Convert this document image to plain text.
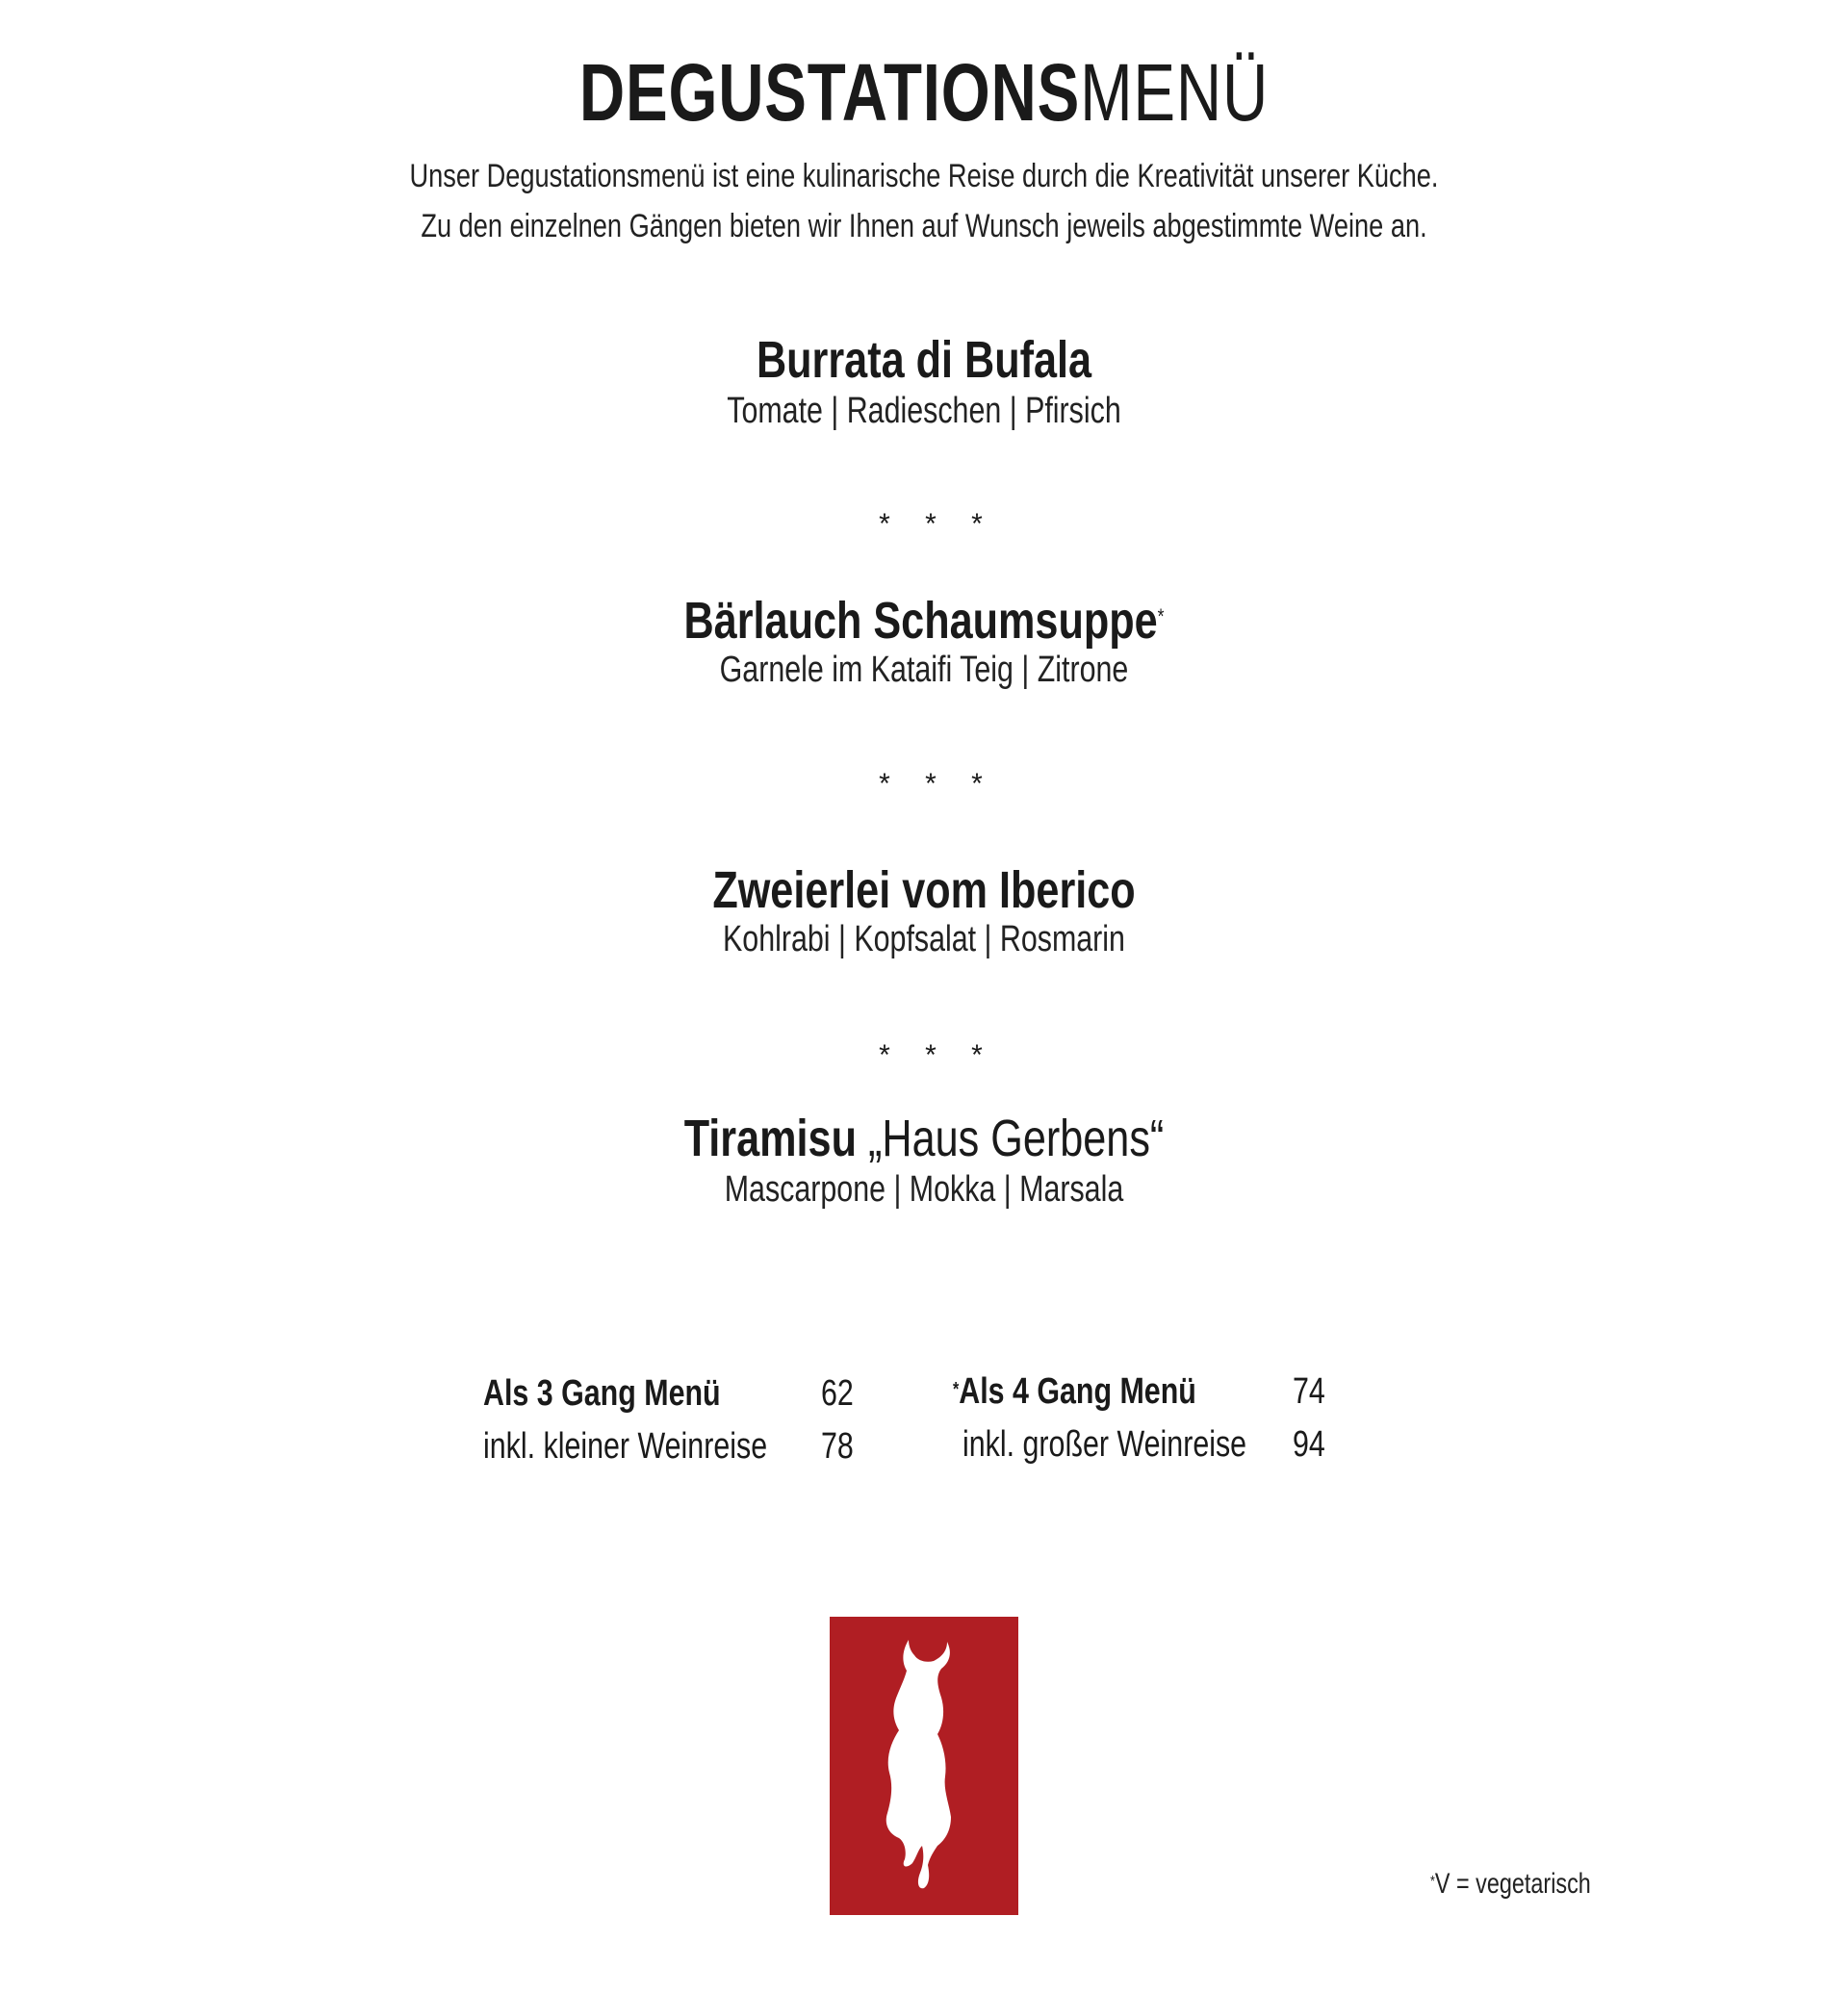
DEGUSTATIONSMENÜ
Unser Degustationsmenü ist eine kulinarische Reise durch die Kreativität unserer Küche.
Zu den einzelnen Gängen bieten wir Ihnen auf Wunsch jeweils abgestimmte Weine an.
Burrata di Bufala
Tomate | Radieschen | Pfirsich
* * *
Bärlauch Schaumsuppe*
Garnele im Kataifi Teig | Zitrone
* * *
Zweierlei vom Iberico
Kohlrabi | Kopfsalat | Rosmarin
* * *
Tiramisu „Haus Gerbens“
Mascarpone | Mokka | Marsala
Als 3 Gang Menü	62
inkl. kleiner Weinreise 78
*Als 4 Gang Menü	74
inkl. großer Weinreise 94
*V = vegetarisch
